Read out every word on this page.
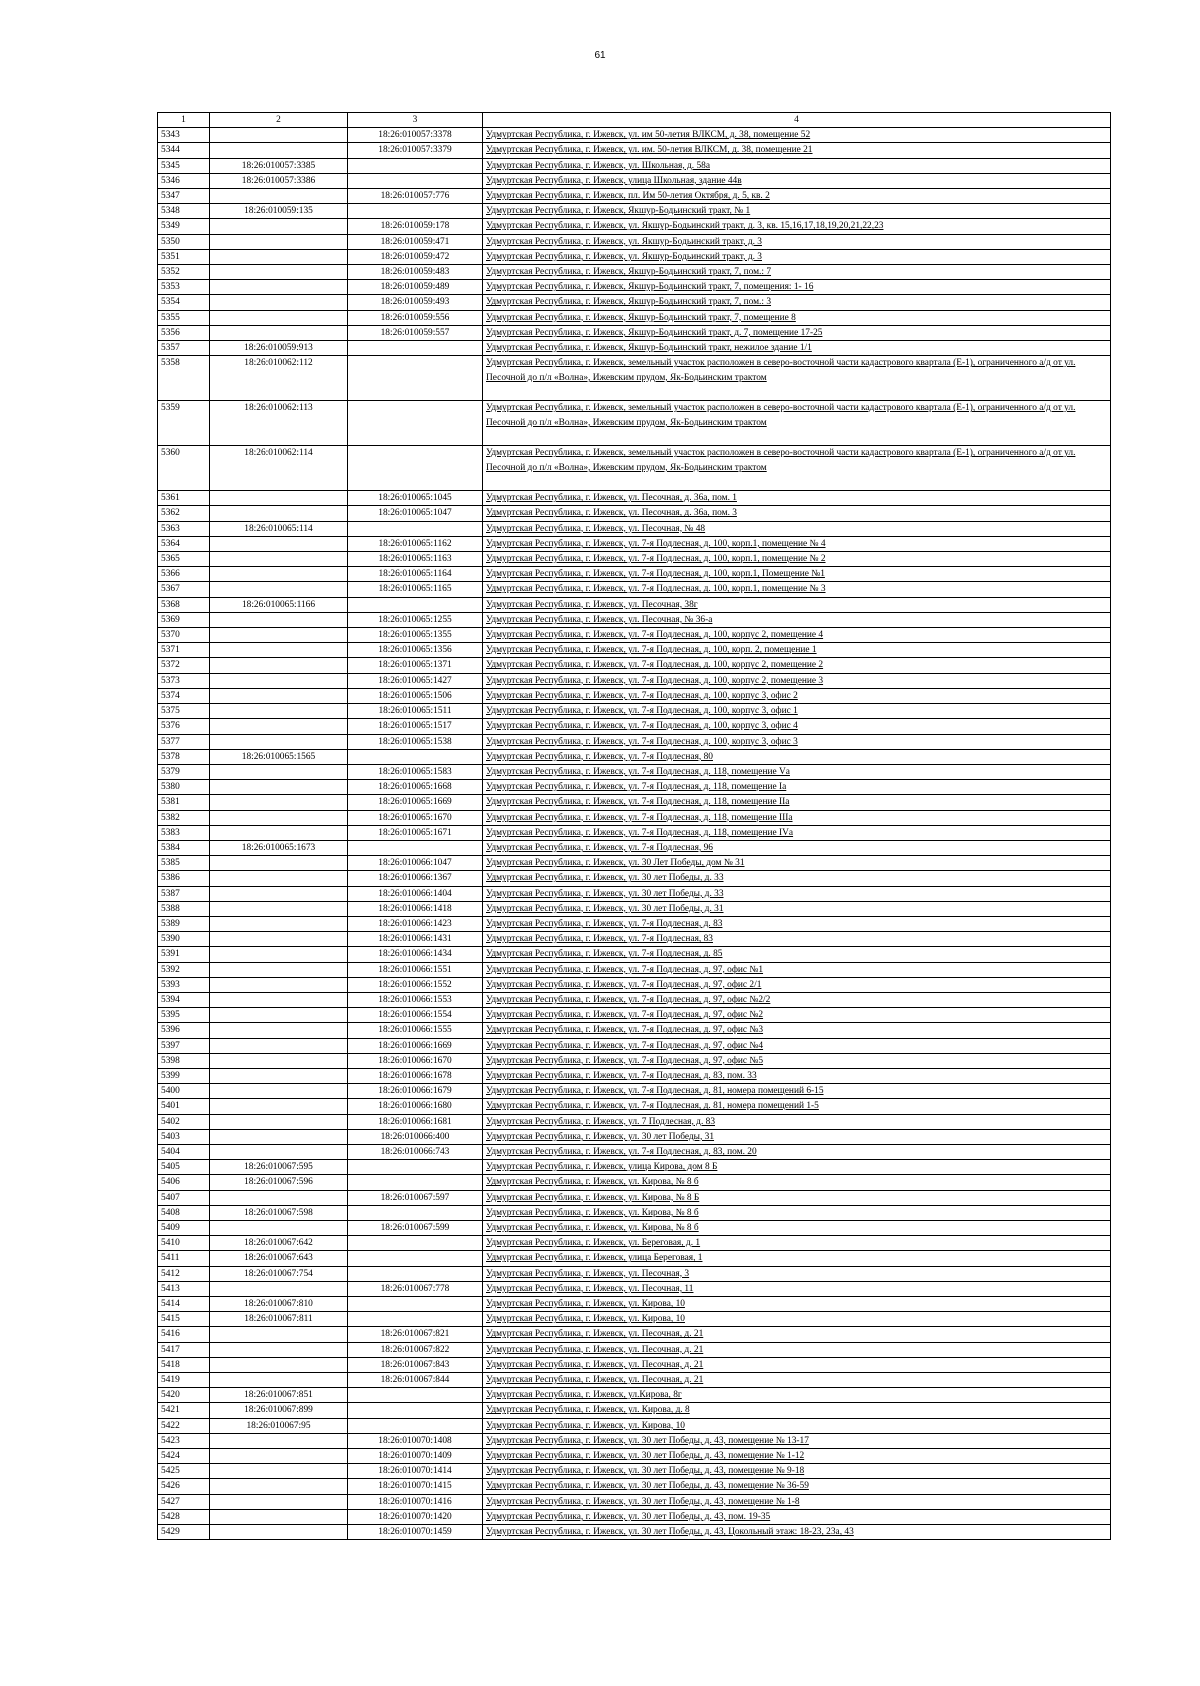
61
1	2	3	4
5343		18:26:010057:3378	Удмуртская Республика, г. Ижевск, ул. им 50-летия ВЛКСМ, д. 38, помещение 52
5344		18:26:010057:3379	Удмуртская Республика, г. Ижевск, ул. им. 50-летия ВЛКСМ, д. 38, помещение 21
5345	18:26:010057:3385		Удмуртская Республика, г. Ижевск, ул. Школьная, д. 58а
5346	18:26:010057:3386		Удмуртская Республика, г. Ижевск, улица Школьная, здание 44в
5347		18:26:010057:776	Удмуртская Республика, г. Ижевск, пл. Им 50-летия Октября, д. 5, кв. 2
5348	18:26:010059:135		Удмуртская Республика, г. Ижевск, Якшур-Бодьинский тракт, № 1
5349		18:26:010059:178	Удмуртская Республика, г. Ижевск, ул. Якшур-Бодьинский тракт, д. 3, кв. 15,16,17,18,19,20,21,22,23
5350		18:26:010059:471	Удмуртская Республика, г. Ижевск, ул. Якшур-Бодьинский тракт, д. 3
5351		18:26:010059:472	Удмуртская Республика, г. Ижевск, ул. Якшур-Бодьинский тракт, д. 3
5352		18:26:010059:483	Удмуртская Республика, г. Ижевск, Якшур-Бодьинский тракт, 7, пом.: 7
5353		18:26:010059:489	Удмуртская Республика, г. Ижевск, Якшур-Бодьинский тракт, 7, помещения: 1- 16
5354		18:26:010059:493	Удмуртская Республика, г. Ижевск, Якшур-Бодьинский тракт, 7, пом.: 3
5355		18:26:010059:556	Удмуртская Республика, г. Ижевск, Якшур-Бодьинский тракт, 7, помещение 8
5356		18:26:010059:557	Удмуртская Республика, г. Ижевск, Якшур-Бодьинский тракт, д. 7, помещение 17-25
5357	18:26:010059:913		Удмуртская Республика, г. Ижевск, Якшур-Бодьинский тракт, нежилое здание 1/1
5358	18:26:010062:112		Удмуртская Республика, г. Ижевск, земельный участок расположен в северо-восточной части кадастрового квартала (Е-1), ограниченного а/д от ул. Песочной до п/л «Волна», Ижевским прудом, Як-Бодьинским трактом
5359	18:26:010062:113		Удмуртская Республика, г. Ижевск, земельный участок расположен в северо-восточной части кадастрового квартала (Е-1), ограниченного а/д от ул. Песочной до п/л «Волна», Ижевским прудом, Як-Бодьинским трактом
5360	18:26:010062:114		Удмуртская Республика, г. Ижевск, земельный участок расположен в северо-восточной части кадастрового квартала (Е-1), ограниченного а/д от ул. Песочной до п/л «Волна», Ижевским прудом, Як-Бодьинским трактом
5361		18:26:010065:1045	Удмуртская Республика, г. Ижевск, ул. Песочная, д. 36а, пом. 1
5362		18:26:010065:1047	Удмуртская Республика, г. Ижевск, ул. Песочная, д. 36а, пом. 3
5363	18:26:010065:114		Удмуртская Республика, г. Ижевск, ул. Песочная, № 48
5364		18:26:010065:1162	Удмуртская Республика, г. Ижевск, ул. 7-я Подлесная, д. 100, корп.1, помещение № 4
5365		18:26:010065:1163	Удмуртская Республика, г. Ижевск, ул. 7-я Подлесная, д. 100, корп.1, помещение № 2
5366		18:26:010065:1164	Удмуртская Республика, г. Ижевск, ул. 7-я Подлесная, д. 100, корп.1, Помещение №1
5367		18:26:010065:1165	Удмуртская Республика, г. Ижевск, ул. 7-я Подлесная, д. 100, корп.1, помещение № 3
5368	18:26:010065:1166		Удмуртская Республика, г. Ижевск, ул. Песочная, 38г
5369		18:26:010065:1255	Удмуртская Республика, г. Ижевск, ул. Песочная, № 36-а
5370		18:26:010065:1355	Удмуртская Республика, г. Ижевск, ул. 7-я Подлесная, д. 100, корпус 2, помещение 4
5371		18:26:010065:1356	Удмуртская Республика, г. Ижевск, ул. 7-я Подлесная, д. 100, корп. 2, помещение 1
5372		18:26:010065:1371	Удмуртская Республика, г. Ижевск, ул. 7-я Подлесная, д. 100, корпус 2, помещение 2
5373		18:26:010065:1427	Удмуртская Республика, г. Ижевск, ул. 7-я Подлесная, д. 100, корпус 2, помещение 3
5374		18:26:010065:1506	Удмуртская Республика, г. Ижевск, ул. 7-я Подлесная, д. 100, корпус 3, офис 2
5375		18:26:010065:1511	Удмуртская Республика, г. Ижевск, ул. 7-я Подлесная, д. 100, корпус 3, офис 1
5376		18:26:010065:1517	Удмуртская Республика, г. Ижевск, ул. 7-я Подлесная, д. 100, корпус 3, офис 4
5377		18:26:010065:1538	Удмуртская Республика, г. Ижевск, ул. 7-я Подлесная, д. 100, корпус 3, офис 3
5378	18:26:010065:1565		Удмуртская Республика, г. Ижевск, ул. 7-я Подлесная, 80
5379		18:26:010065:1583	Удмуртская Республика, г. Ижевск, ул. 7-я Подлесная, д. 118, помещение Vа
5380		18:26:010065:1668	Удмуртская Республика, г. Ижевск, ул. 7-я Подлесная, д. 118, помещение Iа
5381		18:26:010065:1669	Удмуртская Республика, г. Ижевск, ул. 7-я Подлесная, д. 118, помещение IIа
5382		18:26:010065:1670	Удмуртская Республика, г. Ижевск, ул. 7-я Подлесная, д. 118, помещение IIIа
5383		18:26:010065:1671	Удмуртская Республика, г. Ижевск, ул. 7-я Подлесная, д. 118, помещение IVа
5384	18:26:010065:1673		Удмуртская Республика, г. Ижевск, ул. 7-я Подлесная, 96
5385		18:26:010066:1047	Удмуртская Республика, г. Ижевск, ул. 30 Лет Победы, дом № 31
5386		18:26:010066:1367	Удмуртская Республика, г. Ижевск, ул. 30 лет Победы, д. 33
5387		18:26:010066:1404	Удмуртская Республика, г. Ижевск, ул. 30 лет Победы, д. 33
5388		18:26:010066:1418	Удмуртская Республика, г. Ижевск, ул. 30 лет Победы, д. 31
5389		18:26:010066:1423	Удмуртская Республика, г. Ижевск, ул. 7-я Подлесная, д. 83
5390		18:26:010066:1431	Удмуртская Республика, г. Ижевск, ул. 7-я Подлесная, 83
5391		18:26:010066:1434	Удмуртская Республика, г. Ижевск, ул. 7-я Подлесная, д. 85
5392		18:26:010066:1551	Удмуртская Республика, г. Ижевск, ул. 7-я Подлесная, д. 97, офис №1
5393		18:26:010066:1552	Удмуртская Республика, г. Ижевск, ул. 7-я Подлесная, д. 97, офис 2/1
5394		18:26:010066:1553	Удмуртская Республика, г. Ижевск, ул. 7-я Подлесная, д. 97, офис №2/2
5395		18:26:010066:1554	Удмуртская Республика, г. Ижевск, ул. 7-я Подлесная, д. 97, офис №2
5396		18:26:010066:1555	Удмуртская Республика, г. Ижевск, ул. 7-я Подлесная, д. 97, офис №3
5397		18:26:010066:1669	Удмуртская Республика, г. Ижевск, ул. 7-я Подлесная, д. 97, офис №4
5398		18:26:010066:1670	Удмуртская Республика, г. Ижевск, ул. 7-я Подлесная, д. 97, офис №5
5399		18:26:010066:1678	Удмуртская Республика, г. Ижевск, ул. 7-я Подлесная, д. 83, пом. 33
5400		18:26:010066:1679	Удмуртская Республика, г. Ижевск, ул. 7-я Подлесная, д. 81, номера помещений 6-15
5401		18:26:010066:1680	Удмуртская Республика, г. Ижевск, ул. 7-я Подлесная, д. 81, номера помещений 1-5
5402		18:26:010066:1681	Удмуртская Республика, г. Ижевск, ул. 7 Подлесная, д. 83
5403		18:26:010066:400	Удмуртская Республика, г. Ижевск, ул. 30 лет Победы, 31
5404		18:26:010066:743	Удмуртская Республика, г. Ижевск, ул. 7-я Подлесная, д. 83, пом. 20
5405	18:26:010067:595		Удмуртская Республика, г. Ижевск, улица Кирова, дом 8 Б
5406	18:26:010067:596		Удмуртская Республика, г. Ижевск, ул. Кирова, № 8 б
5407		18:26:010067:597	Удмуртская Республика, г. Ижевск, ул. Кирова, № 8 Б
5408	18:26:010067:598		Удмуртская Республика, г. Ижевск, ул. Кирова, № 8 б
5409		18:26:010067:599	Удмуртская Республика, г. Ижевск, ул. Кирова, № 8 б
5410	18:26:010067:642		Удмуртская Республика, г. Ижевск, ул. Береговая, д. 1
5411	18:26:010067:643		Удмуртская Республика, г. Ижевск, улица Береговая, 1
5412	18:26:010067:754		Удмуртская Республика, г. Ижевск, ул. Песочная, 3
5413		18:26:010067:778	Удмуртская Республика, г. Ижевск, ул. Песочная, 11
5414	18:26:010067:810		Удмуртская Республика, г. Ижевск, ул. Кирова, 10
5415	18:26:010067:811		Удмуртская Республика, г. Ижевск, ул. Кирова, 10
5416		18:26:010067:821	Удмуртская Республика, г. Ижевск, ул. Песочная, д. 21
5417		18:26:010067:822	Удмуртская Республика, г. Ижевск, ул. Песочная, д. 21
5418		18:26:010067:843	Удмуртская Республика, г. Ижевск, ул. Песочная, д. 21
5419		18:26:010067:844	Удмуртская Республика, г. Ижевск, ул. Песочная, д. 21
5420	18:26:010067:851		Удмуртская Республика, г. Ижевск, ул.Кирова, 8г
5421	18:26:010067:899		Удмуртская Республика, г. Ижевск, ул. Кирова, д. 8
5422	18:26:010067:95		Удмуртская Республика, г. Ижевск, ул. Кирова, 10
5423		18:26:010070:1408	Удмуртская Республика, г. Ижевск, ул. 30 лет Победы, д. 43, помещение № 13-17
5424		18:26:010070:1409	Удмуртская Республика, г. Ижевск, ул. 30 лет Победы, д. 43, помещение № 1-12
5425		18:26:010070:1414	Удмуртская Республика, г. Ижевск, ул. 30 лет Победы, д. 43, помещение № 9-18
5426		18:26:010070:1415	Удмуртская Республика, г. Ижевск, ул. 30 лет Победы, д. 43, помещение № 36-59
5427		18:26:010070:1416	Удмуртская Республика, г. Ижевск, ул. 30 лет Победы, д. 43, помещение № 1-8
5428		18:26:010070:1420	Удмуртская Республика, г. Ижевск, ул. 30 лет Победы, д. 43, пом. 19-35
5429		18:26:010070:1459	Удмуртская Республика, г. Ижевск, ул. 30 лет Победы, д. 43, Цокольный этаж: 18-23, 23а, 43
